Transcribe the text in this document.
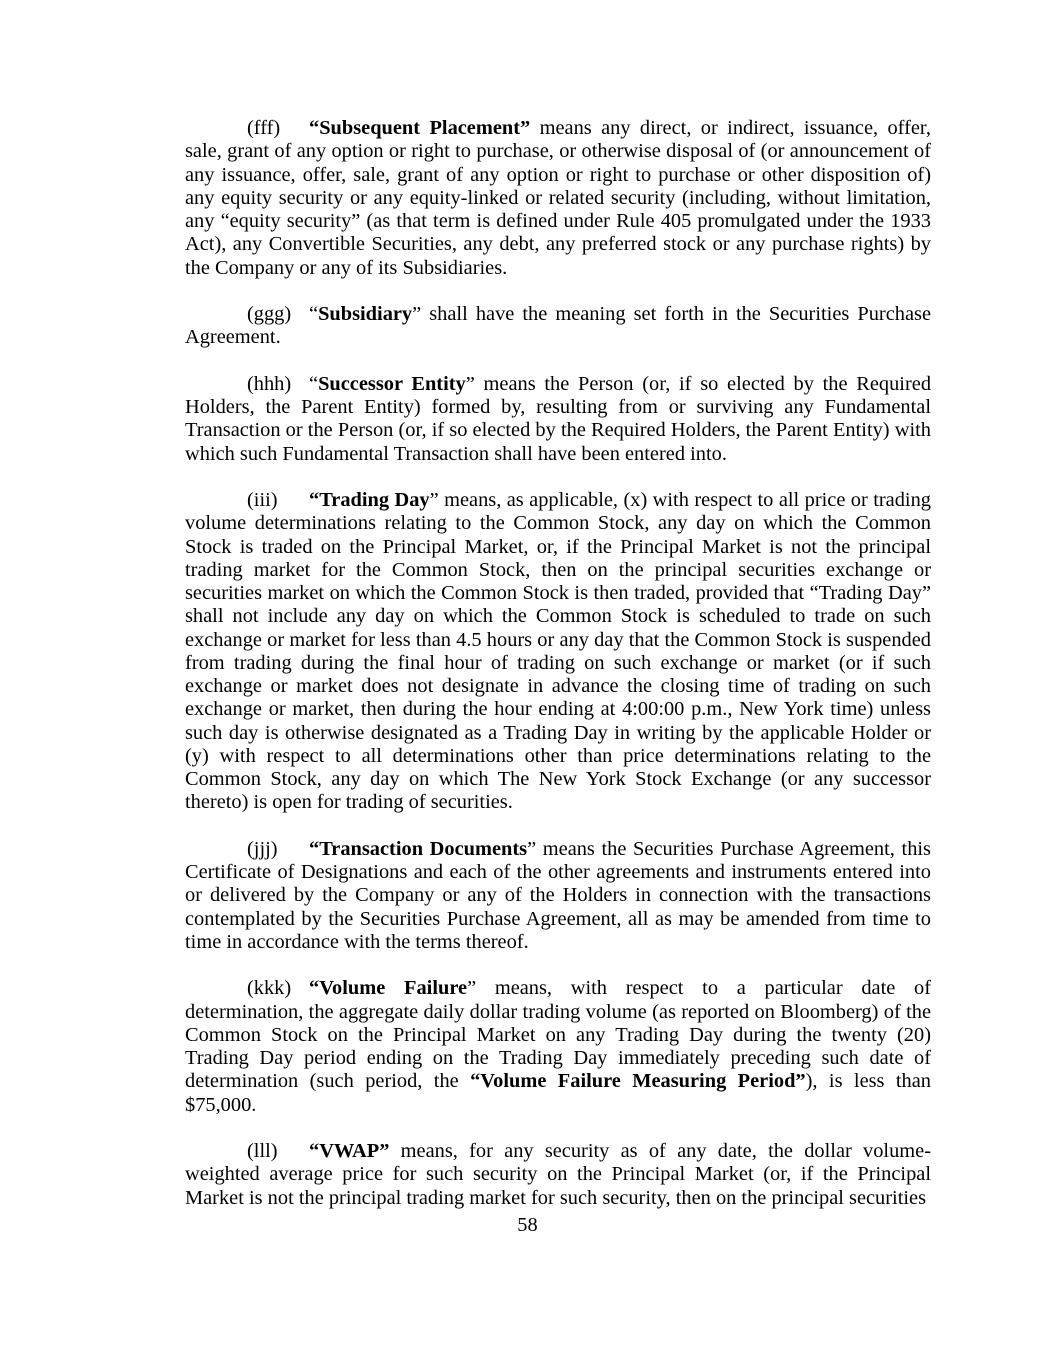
(fff) “Subsequent Placement” means any direct, or indirect, issuance, offer, sale, grant of any option or right to purchase, or otherwise disposal of (or announcement of any issuance, offer, sale, grant of any option or right to purchase or other disposition of) any equity security or any equity-linked or related security (including, without limitation, any “equity security” (as that term is defined under Rule 405 promulgated under the 1933 Act), any Convertible Securities, any debt, any preferred stock or any purchase rights) by the Company or any of its Subsidiaries.

(ggg) “Subsidiary” shall have the meaning set forth in the Securities Purchase Agreement.

(hhh) “Successor Entity” means the Person (or, if so elected by the Required Holders, the Parent Entity) formed by, resulting from or surviving any Fundamental Transaction or the Person (or, if so elected by the Required Holders, the Parent Entity) with which such Fundamental Transaction shall have been entered into.

(iii) “Trading Day” means, as applicable, (x) with respect to all price or trading volume determinations relating to the Common Stock, any day on which the Common Stock is traded on the Principal Market, or, if the Principal Market is not the principal trading market for the Common Stock, then on the principal securities exchange or securities market on which the Common Stock is then traded, provided that “Trading Day” shall not include any day on which the Common Stock is scheduled to trade on such exchange or market for less than 4.5 hours or any day that the Common Stock is suspended from trading during the final hour of trading on such exchange or market (or if such exchange or market does not designate in advance the closing time of trading on such exchange or market, then during the hour ending at 4:00:00 p.m., New York time) unless such day is otherwise designated as a Trading Day in writing by the applicable Holder or (y) with respect to all determinations other than price determinations relating to the Common Stock, any day on which The New York Stock Exchange (or any successor thereto) is open for trading of securities.

(jjj) “Transaction Documents” means the Securities Purchase Agreement, this Certificate of Designations and each of the other agreements and instruments entered into or delivered by the Company or any of the Holders in connection with the transactions contemplated by the Securities Purchase Agreement, all as may be amended from time to time in accordance with the terms thereof.

(kkk) “Volume Failure” means, with respect to a particular date of determination, the aggregate daily dollar trading volume (as reported on Bloomberg) of the Common Stock on the Principal Market on any Trading Day during the twenty (20) Trading Day period ending on the Trading Day immediately preceding such date of determination (such period, the “Volume Failure Measuring Period”), is less than $75,000.

(lll) “VWAP” means, for any security as of any date, the dollar volume-weighted average price for such security on the Principal Market (or, if the Principal Market is not the principal trading market for such security, then on the principal securities

58
